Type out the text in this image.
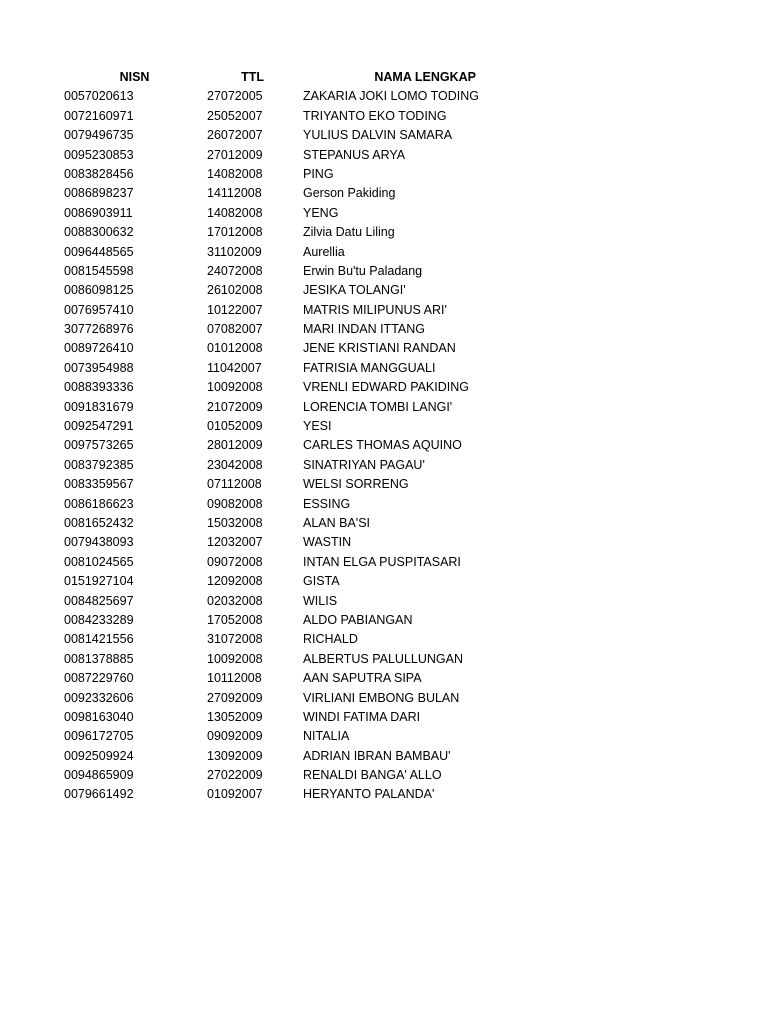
NISN	TTL	NAMA LENGKAP
0057020613	27072005	ZAKARIA JOKI LOMO TODING
0072160971	25052007	TRIYANTO EKO TODING
0079496735	26072007	YULIUS DALVIN SAMARA
0095230853	27012009	STEPANUS ARYA
0083828456	14082008	PING
0086898237	14112008	Gerson Pakiding
0086903911	14082008	YENG
0088300632	17012008	Zilvia Datu Liling
0096448565	31102009	Aurellia
0081545598	24072008	Erwin Bu'tu Paladang
0086098125	26102008	JESIKA TOLANGI'
0076957410	10122007	MATRIS MILIPUNUS ARI'
3077268976	07082007	MARI INDAN ITTANG
0089726410	01012008	JENE KRISTIANI RANDAN
0073954988	11042007	FATRISIA MANGGUALI
0088393336	10092008	VRENLI EDWARD PAKIDING
0091831679	21072009	LORENCIA TOMBI LANGI'
0092547291	01052009	YESI
0097573265	28012009	CARLES THOMAS AQUINO
0083792385	23042008	SINATRIYAN PAGAU'
0083359567	07112008	WELSI SORRENG
0086186623	09082008	ESSING
0081652432	15032008	ALAN BA'SI
0079438093	12032007	WASTIN
0081024565	09072008	INTAN ELGA PUSPITASARI
0151927104	12092008	GISTA
0084825697	02032008	WILIS
0084233289	17052008	ALDO PABIANGAN
0081421556	31072008	RICHALD
0081378885	10092008	ALBERTUS PALULLUNGAN
0087229760	10112008	AAN SAPUTRA SIPA
0092332606	27092009	VIRLIANI EMBONG BULAN
0098163040	13052009	WINDI FATIMA DARI
0096172705	09092009	NITALIA
0092509924	13092009	ADRIAN IBRAN BAMBAU'
0094865909	27022009	RENALDI BANGA' ALLO
0079661492	01092007	HERYANTO PALANDA'
